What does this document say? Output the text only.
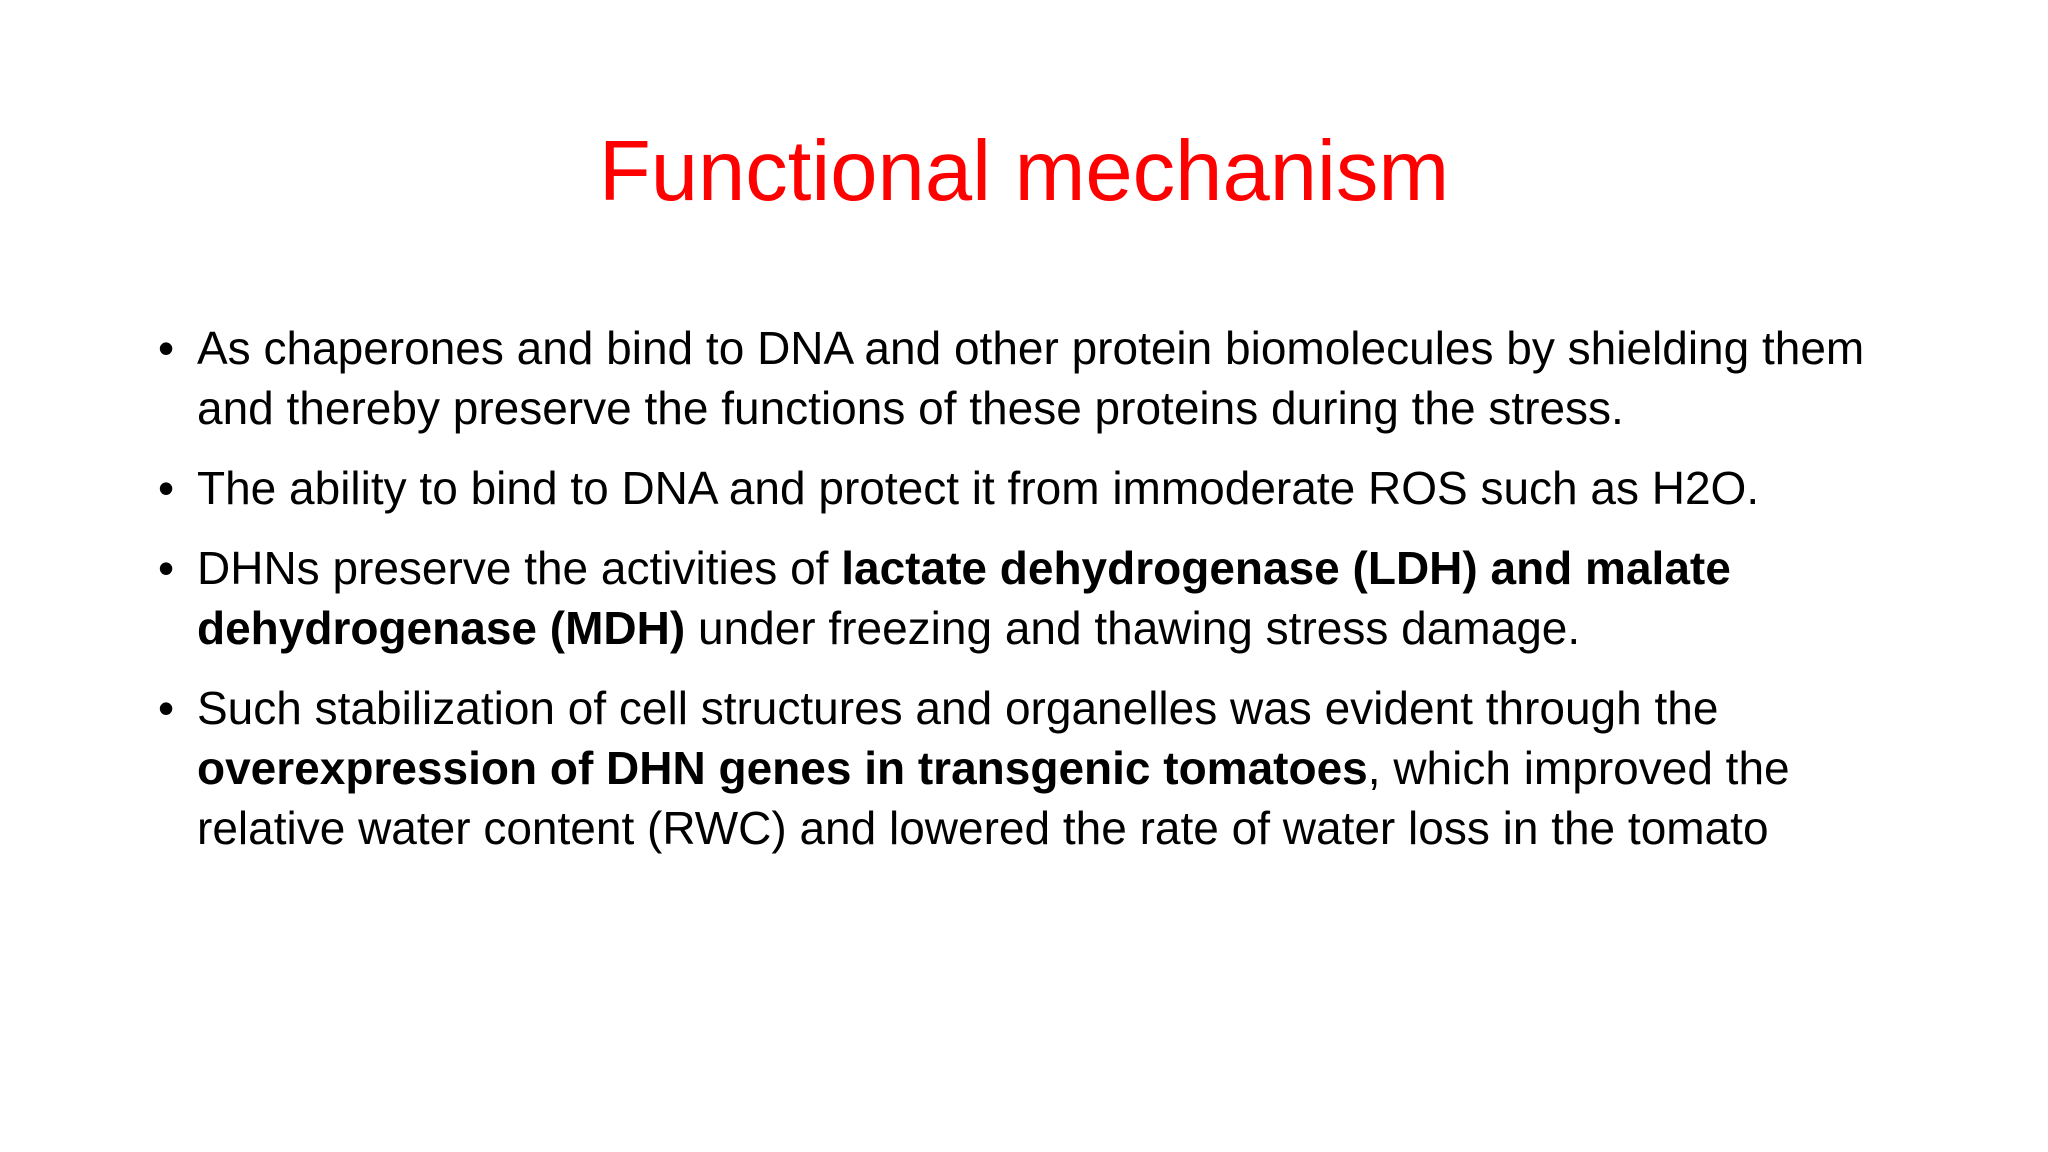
Functional mechanism
• As chaperones and bind to DNA and other protein biomolecules by shielding them and thereby preserve the functions of these proteins during the stress.
• The ability to bind to DNA and protect it from immoderate ROS such as H2O.
• DHNs preserve the activities of lactate dehydrogenase (LDH) and malate dehydrogenase (MDH) under freezing and thawing stress damage.
• Such stabilization of cell structures and organelles was evident through the overexpression of DHN genes in transgenic tomatoes, which improved the relative water content (RWC) and lowered the rate of water loss in the tomato
